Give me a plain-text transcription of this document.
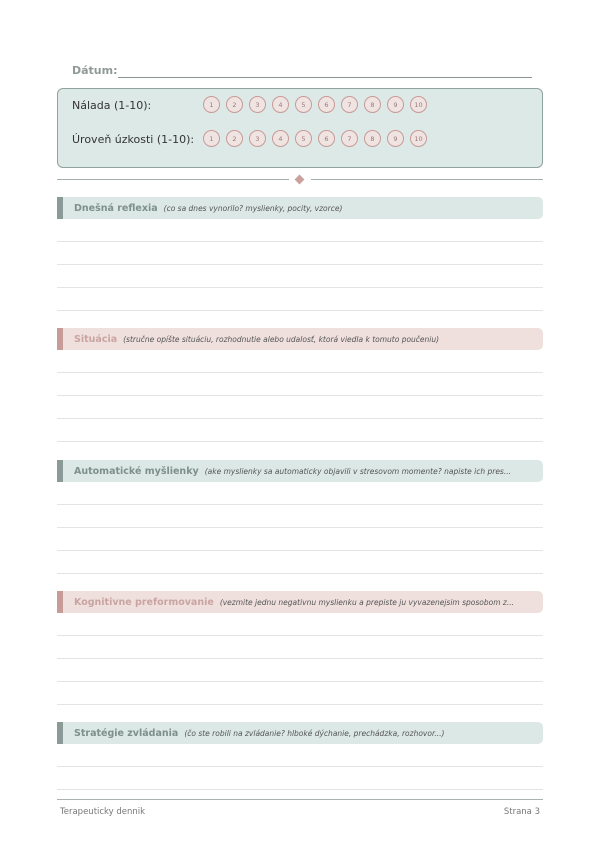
Dátum:
Nálada (1-10):	1	2	3	4	5	6	7	8	9	10
Úroveň úzkosti (1-10):	1	2	3	4	5	6	7	8	9	10
Dnešná reflexia (co sa dnes vynorilo? myslienky, pocity, vzorce)
Situácia (stručne opíšte situáciu, rozhodnutie alebo udalosť, ktorá viedla k tomuto poučeniu)
Automatické myšlienky (ake myslienky sa automaticky objavili v stresovom momente? napiste ich pres...
Kognitivne preformovanie (vezmite jednu negativnu myslienku a prepiste ju vyvazenejsim sposobom z...
Stratégie zvládania (čo ste robili na zvládanie? hlboké dýchanie, prechádzka, rozhovor...)
Terapeuticky dennik	Strana 3
